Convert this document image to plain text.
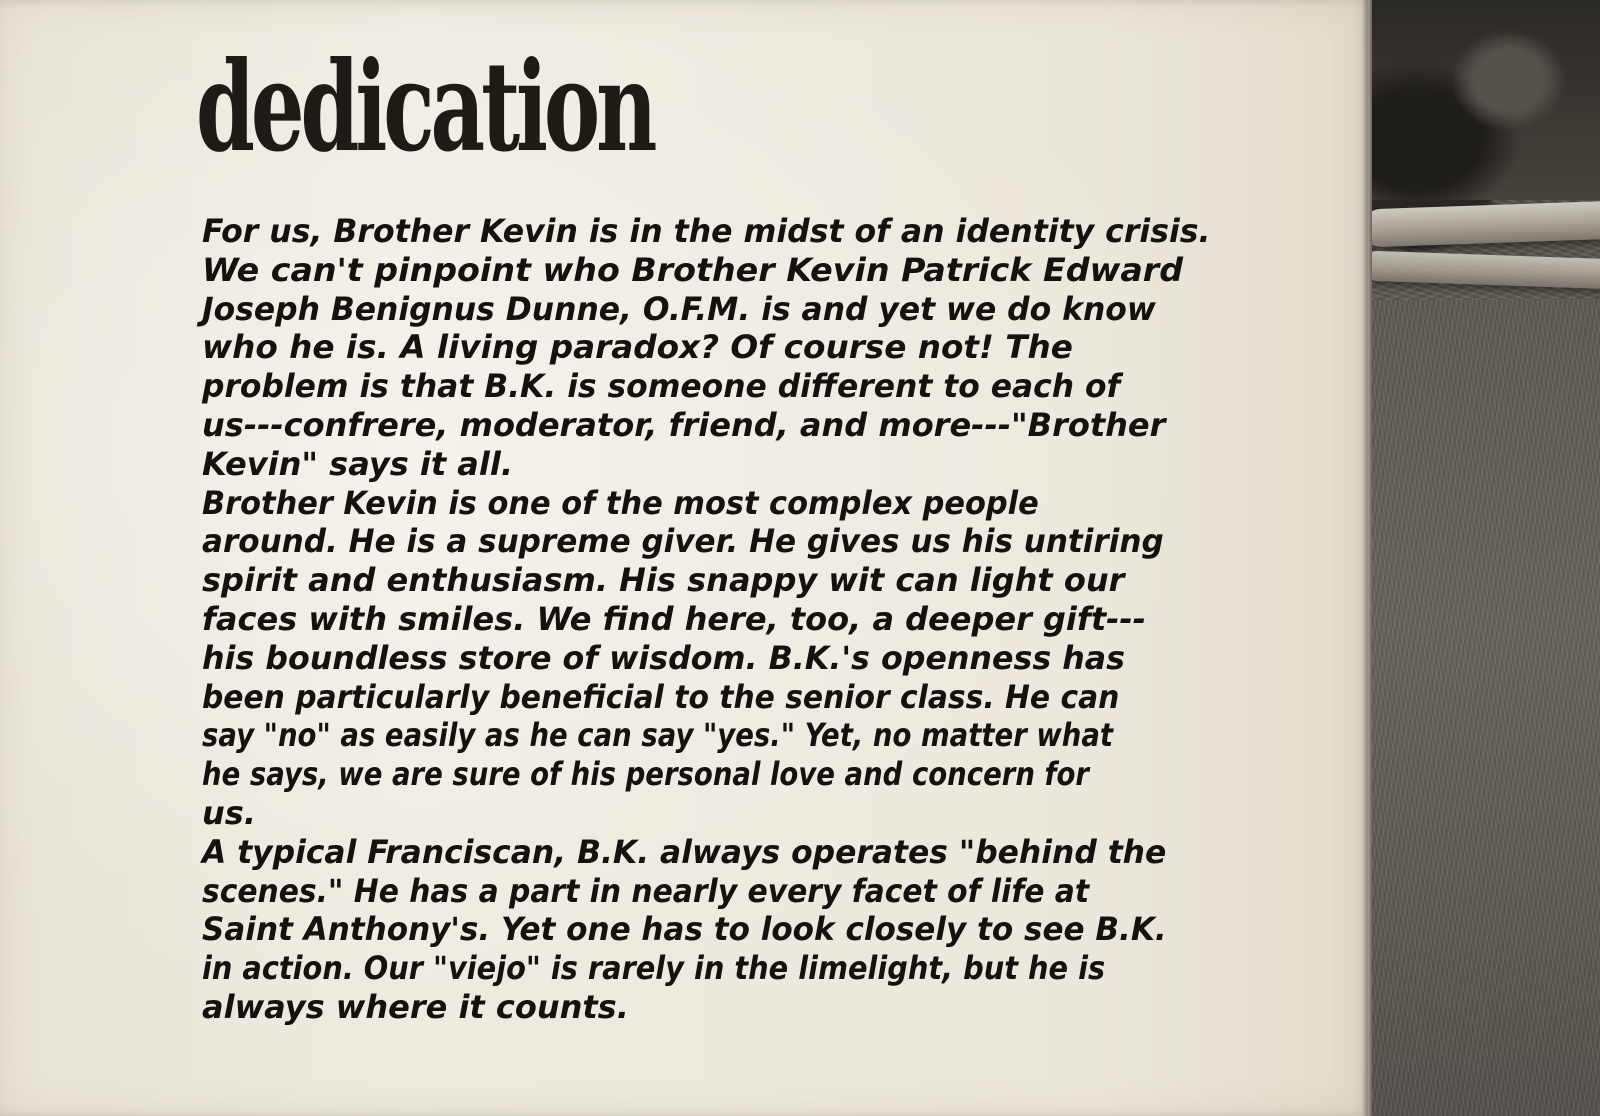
dedication

For us, Brother Kevin is in the midst of an identity crisis.
We can't pinpoint who Brother Kevin Patrick Edward
Joseph Benignus Dunne, O.F.M. is and yet we do know
who he is. A living paradox? Of course not! The
problem is that B.K. is someone different to each of
us---confrere, moderator, friend, and more---"Brother
Kevin" says it all.

Brother Kevin is one of the most complex people
around. He is a supreme giver. He gives us his untiring
spirit and enthusiasm. His snappy wit can light our
faces with smiles. We find here, too, a deeper gift---
his boundless store of wisdom. B.K.'s openness has
been particularly beneficial to the senior class. He can
say "no" as easily as he can say "yes." Yet, no matter what
he says, we are sure of his personal love and concern for
us.

A typical Franciscan, B.K. always operates "behind the
scenes." He has a part in nearly every facet of life at
Saint Anthony's. Yet one has to look closely to see B.K.
in action. Our "viejo" is rarely in the limelight, but he is
always where it counts.
